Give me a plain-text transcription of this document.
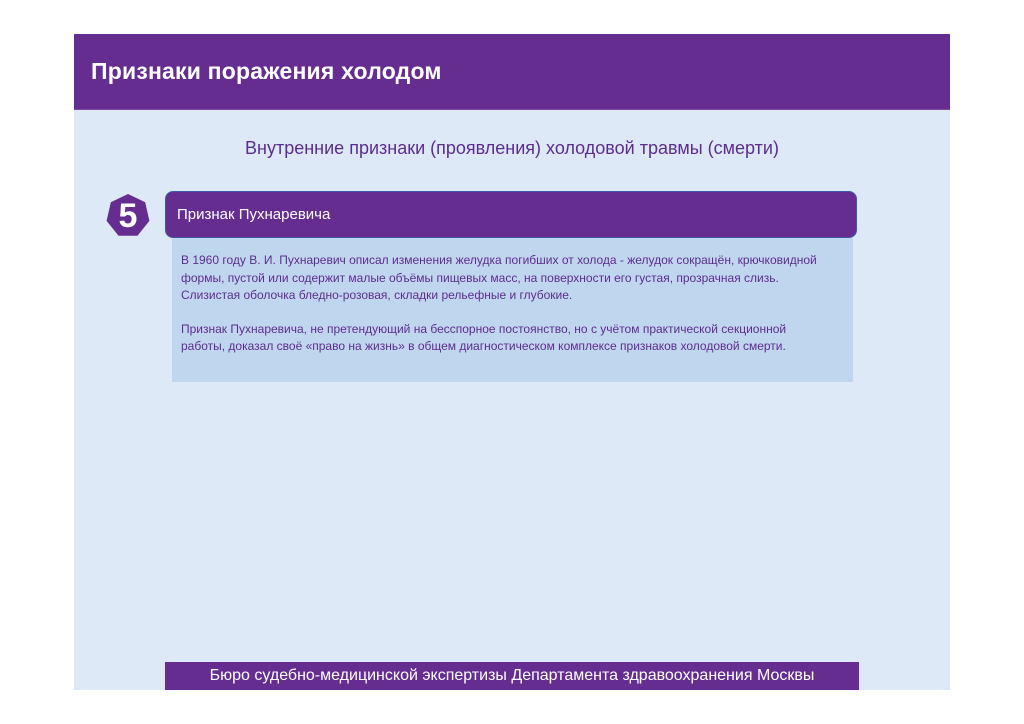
Признаки поражения холодом
Внутренние признаки (проявления) холодовой травмы (смерти)
5	Признак Пухнаревича

В 1960 году В. И. Пухнаревич описал изменения желудка погибших от холода - желудок сокращён, крючковидной формы, пустой или содержит малые объёмы пищевых масс, на поверхности его густая, прозрачная слизь. Слизистая оболочка бледно-розовая, складки рельефные и глубокие.

Признак Пухнаревича, не претендующий на бесспорное постоянство, но с учётом практической секционной работы, доказал своё «право на жизнь» в общем диагностическом комплексе признаков холодовой смерти.

Бюро судебно-медицинской экспертизы Департамента здравоохранения Москвы
